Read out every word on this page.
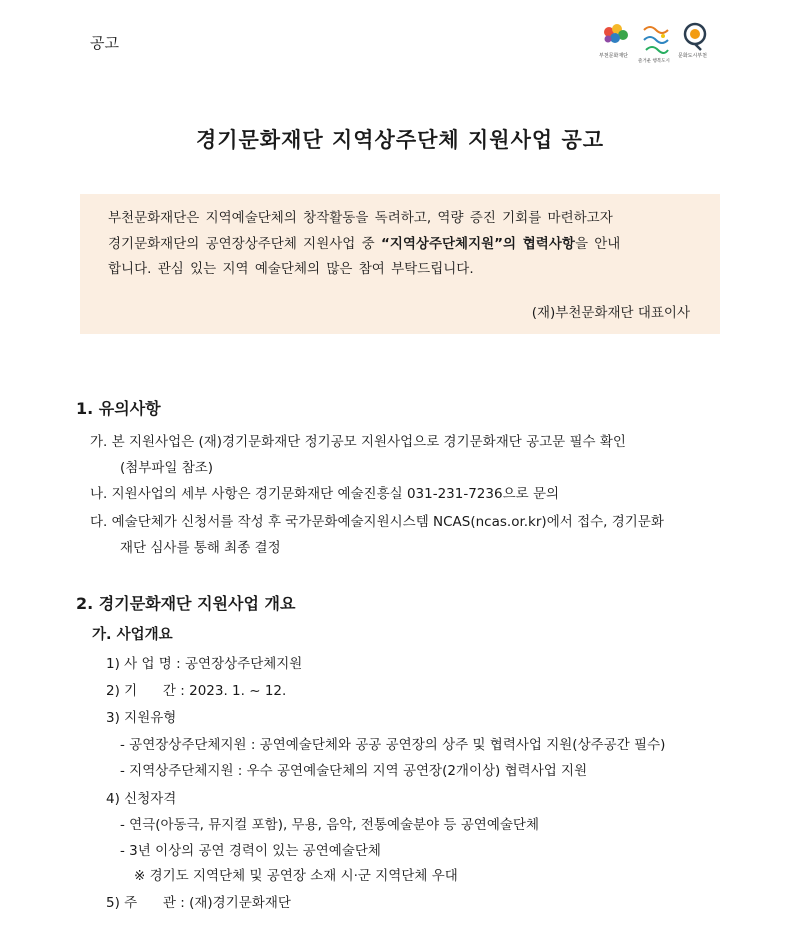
공고
부천문화재단
즐거운 행복도시
문화도시부천
경기문화재단 지역상주단체 지원사업 공고
부천문화재단은 지역예술단체의 창작활동을 독려하고, 역량 증진 기회를 마련하고자
경기문화재단의 공연장상주단체 지원사업 중 “지역상주단체지원”의 협력사항을 안내
합니다. 관심 있는 지역 예술단체의 많은 참여 부탁드립니다.
(재)부천문화재단 대표이사
1. 유의사항
가. 본 지원사업은 (재)경기문화재단 정기공모 지원사업으로 경기문화재단 공고문 필수 확인
(첨부파일 참조)
나. 지원사업의 세부 사항은 경기문화재단 예술진흥실 031-231-7236으로 문의
다. 예술단체가 신청서를 작성 후 국가문화예술지원시스템 NCAS(ncas.or.kr)에서 접수, 경기문화
재단 심사를 통해 최종 결정
2. 경기문화재단 지원사업 개요
가. 사업개요
1) 사 업 명 : 공연장상주단체지원
2) 기      간 : 2023. 1. ~ 12.
3) 지원유형
- 공연장상주단체지원 : 공연예술단체와 공공 공연장의 상주 및 협력사업 지원(상주공간 필수)
- 지역상주단체지원 : 우수 공연예술단체의 지역 공연장(2개이상) 협력사업 지원
4) 신청자격
- 연극(아동극, 뮤지컬 포함), 무용, 음악, 전통예술분야 등 공연예술단체
- 3년 이상의 공연 경력이 있는 공연예술단체
※ 경기도 지역단체 및 공연장 소재 시·군 지역단체 우대
5) 주      관 : (재)경기문화재단
